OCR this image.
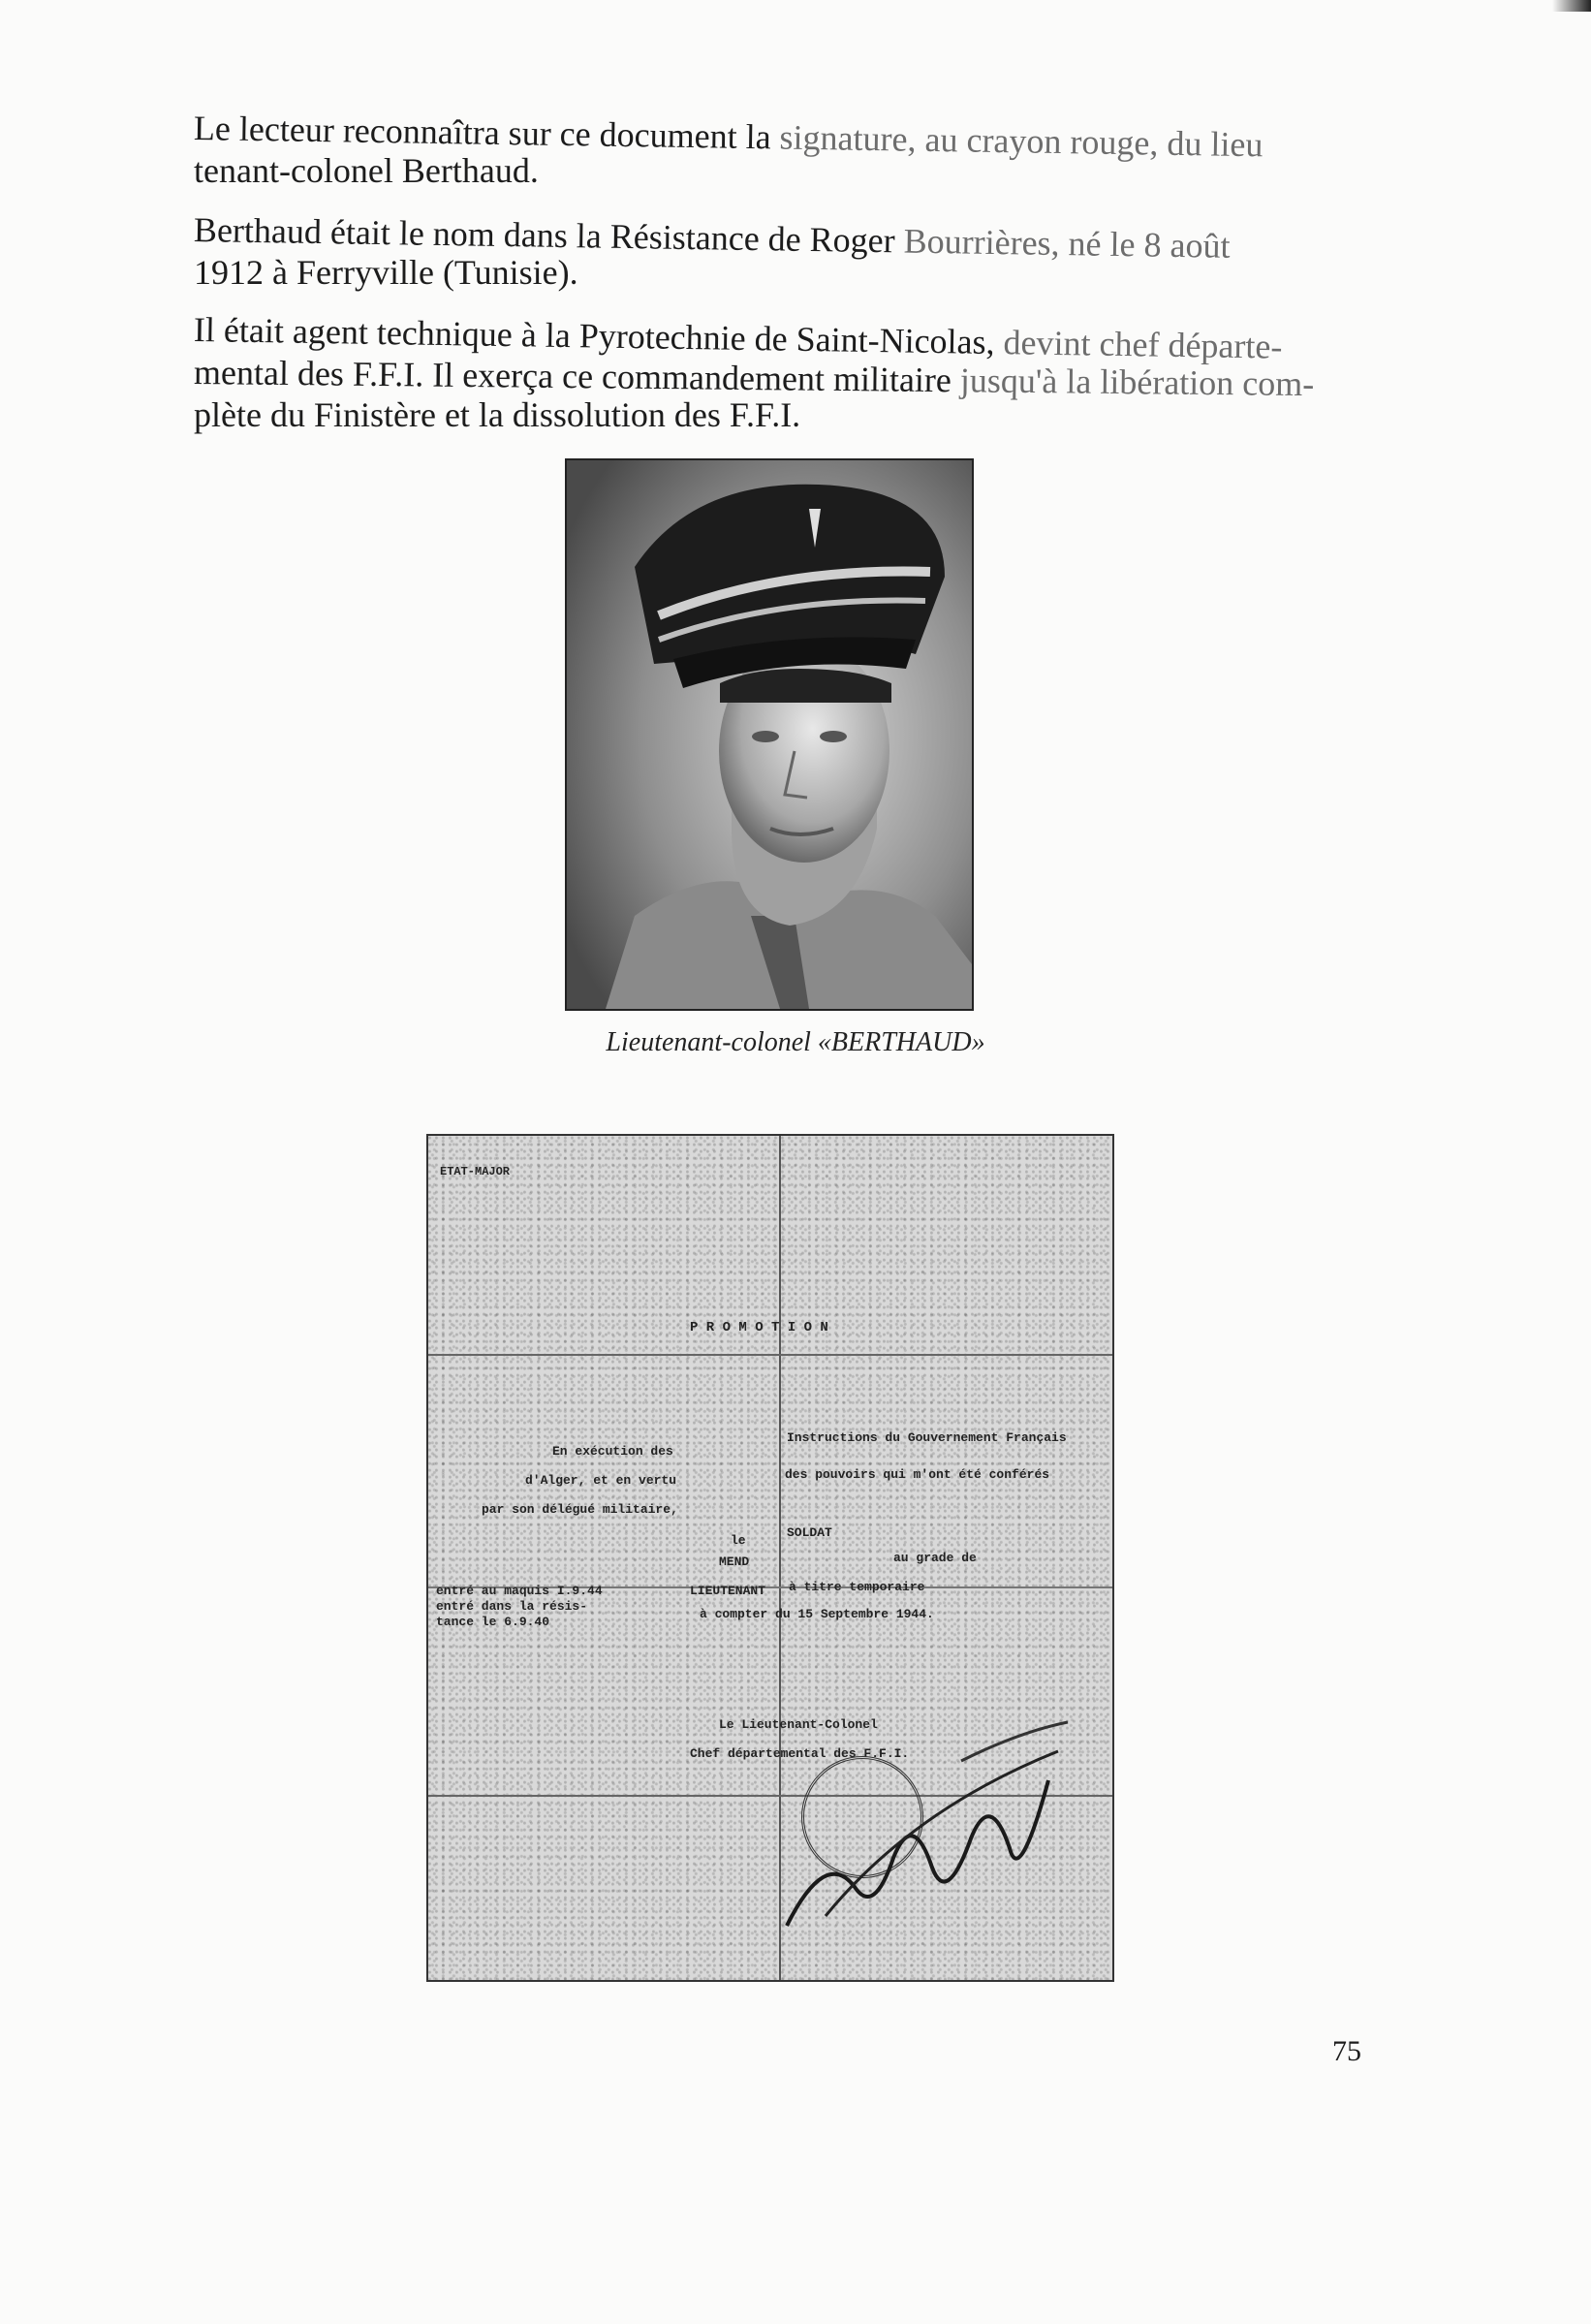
Le lecteur reconnaîtra sur ce document la signature, au crayon rouge, du lieu
tenant-colonel Berthaud.
Berthaud était le nom dans la Résistance de Roger Bourrières, né le 8 août
1912 à Ferryville (Tunisie).
Il était agent technique à la Pyrotechnie de Saint-Nicolas, devint chef départe-
mental des F.F.I. Il exerça ce commandement militaire jusqu'à la libération com-
plète du Finistère et la dissolution des F.F.I.
Lieutenant-colonel «BERTHAUD»
ETAT-MAJOR
P R O M O T I O N
En exécution des
Instructions du Gouvernement Français
d'Alger, et en vertu	des pouvoirs qui m'ont été conférés
par son délégué militaire,
le
SOLDAT
MEND	au grade de
entré au maquis I.9.44
entré dans la résis-
tance le 6.9.40
LIEUTENANT à titre temporaire
à compter du 15 Septembre 1944.
Le Lieutenant-Colonel
Chef départemental des F.F.I.
75
